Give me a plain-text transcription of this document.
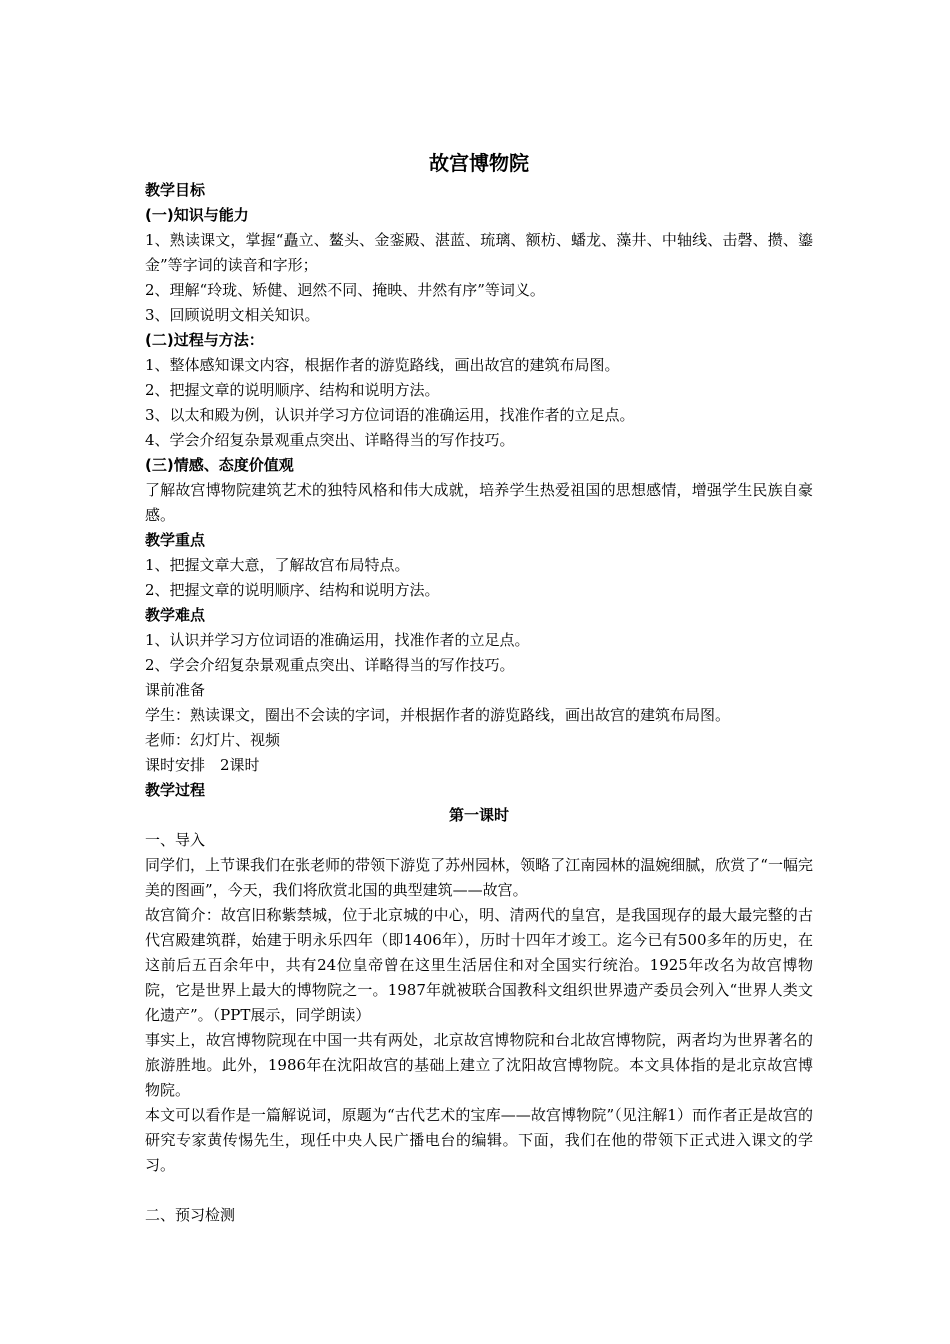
故宫博物院
教学目标
(一)知识与能力

1、熟读课文，掌握“矗立、鳌头、金銮殿、湛蓝、琉璃、额枋、蟠龙、藻井、中轴线、击磬、攒、鎏金”等字词的读音和字形；

2、理解“玲珑、矫健、迥然不同、掩映、井然有序”等词义。

3、回顾说明文相关知识。

(二)过程与方法：

1、整体感知课文内容，根据作者的游览路线，画出故宫的建筑布局图。

2、把握文章的说明顺序、结构和说明方法。

3、以太和殿为例，认识并学习方位词语的准确运用，找准作者的立足点。

4、学会介绍复杂景观重点突出、详略得当的写作技巧。

(三)情感、态度价值观

了解故宫博物院建筑艺术的独特风格和伟大成就，培养学生热爱祖国的思想感情，增强学生民族自豪感。

教学重点

1、把握文章大意，了解故宫布局特点。

2、把握文章的说明顺序、结构和说明方法。

教学难点

1、认识并学习方位词语的准确运用，找准作者的立足点。

2、学会介绍复杂景观重点突出、详略得当的写作技巧。

课前准备

学生：熟读课文，圈出不会读的字词，并根据作者的游览路线，画出故宫的建筑布局图。

老师：幻灯片、视频

课时安排　2课时

教学过程
第一课时

一、导入

同学们，上节课我们在张老师的带领下游览了苏州园林，领略了江南园林的温婉细腻，欣赏了“一幅完美的图画”，今天，我们将欣赏北国的典型建筑——故宫。

故宫简介：故宫旧称紫禁城，位于北京城的中心，明、清两代的皇宫，是我国现存的最大最完整的古代宫殿建筑群，始建于明永乐四年（即1406年），历时十四年才竣工。迄今已有500多年的历史，在这前后五百余年中，共有24位皇帝曾在这里生活居住和对全国实行统治。1925年改名为故宫博物院，它是世界上最大的博物院之一。1987年就被联合国教科文组织世界遗产委员会列入“世界人类文化遗产”。（PPT展示，同学朗读）

事实上，故宫博物院现在中国一共有两处，北京故宫博物院和台北故宫博物院，两者均为世界著名的旅游胜地。此外，1986年在沈阳故宫的基础上建立了沈阳故宫博物院。本文具体指的是北京故宫博物院。

本文可以看作是一篇解说词，原题为“古代艺术的宝库——故宫博物院”（见注解1）而作者正是故宫的研究专家黄传惕先生，现任中央人民广播电台的编辑。下面，我们在他的带领下正式进入课文的学习。

二、预习检测
